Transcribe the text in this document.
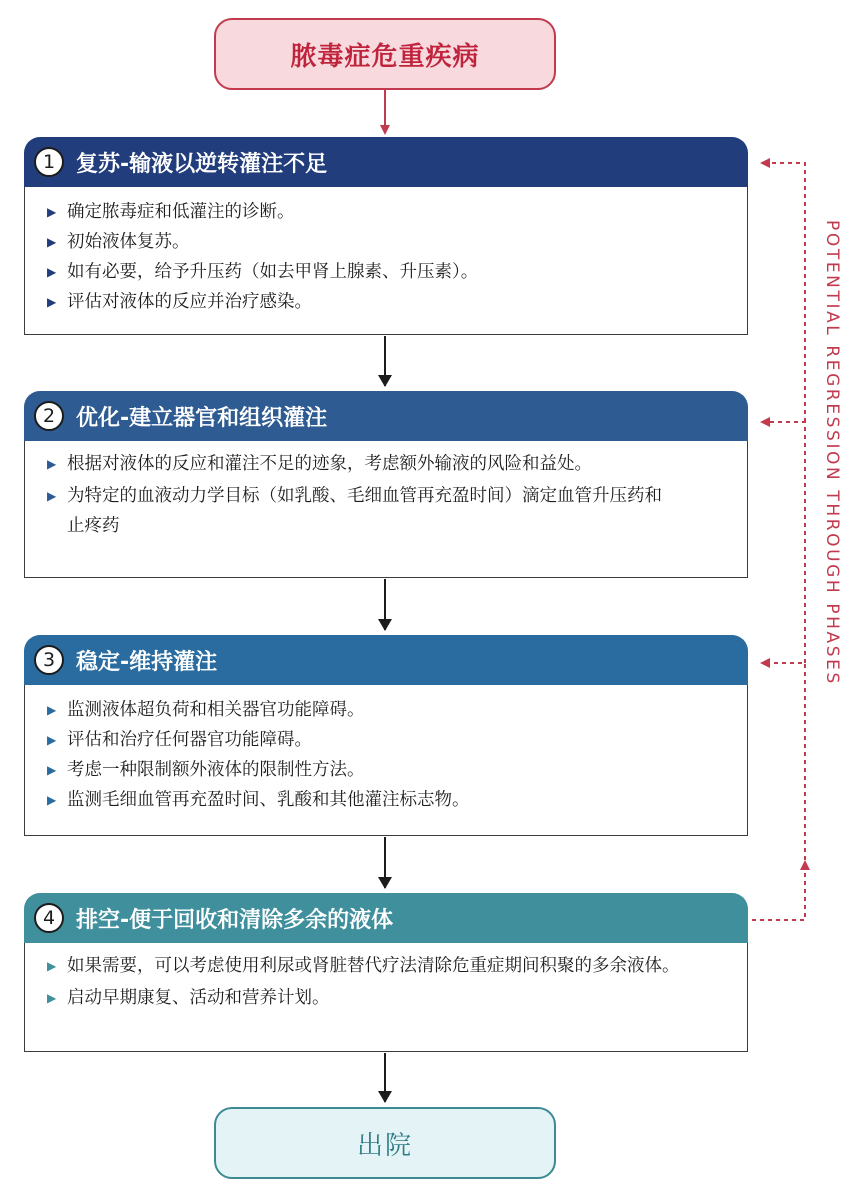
脓毒症危重疾病
1 复苏-输液以逆转灌注不足
▶ 确定脓毒症和低灌注的诊断。
▶ 初始液体复苏。
▶ 如有必要，给予升压药（如去甲肾上腺素、升压素）。
▶ 评估对液体的反应并治疗感染。
2 优化-建立器官和组织灌注
▶ 根据对液体的反应和灌注不足的迹象，考虑额外输液的风险和益处。
▶ 为特定的血液动力学目标（如乳酸、毛细血管再充盈时间）滴定血管升压药和止疼药
3 稳定-维持灌注
▶ 监测液体超负荷和相关器官功能障碍。
▶ 评估和治疗任何器官功能障碍。
▶ 考虑一种限制额外液体的限制性方法。
▶ 监测毛细血管再充盈时间、乳酸和其他灌注标志物。
4 排空-便于回收和清除多余的液体
▶ 如果需要，可以考虑使用利尿或肾脏替代疗法清除危重症期间积聚的多余液体。
▶ 启动早期康复、活动和营养计划。
出院
POTENTIAL REGRESSION THROUGH PHASES
